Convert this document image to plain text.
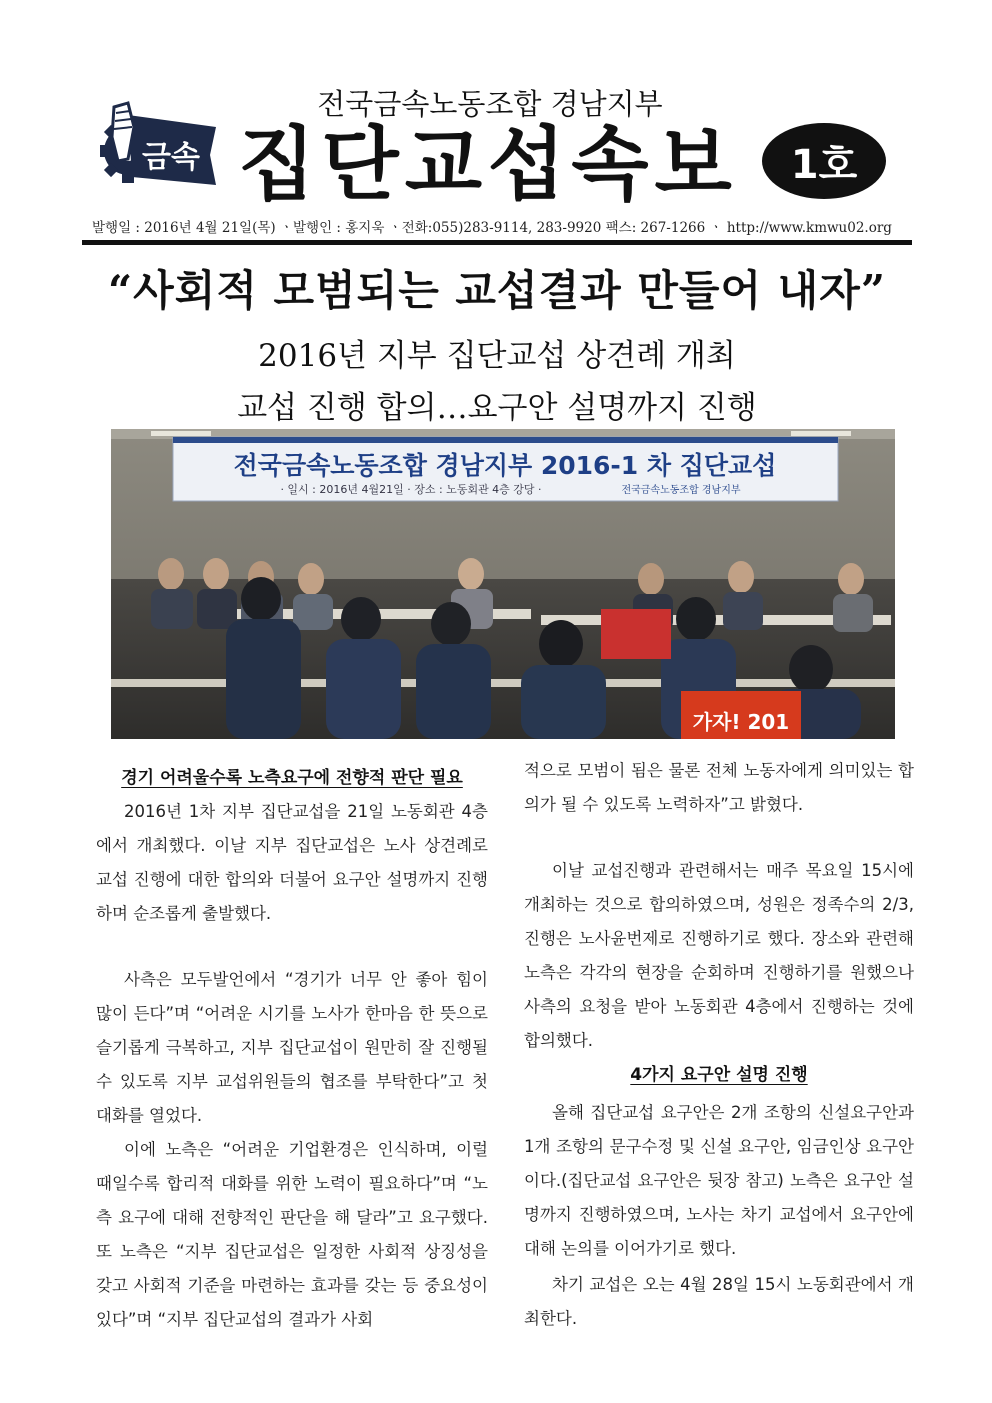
금속
전국금속노동조합 경남지부
집단교섭속보	1호
발행일 : 2016년 4월 21일(목) ㆍ발행인 : 홍지욱 ㆍ전화:055)283-9114, 283-9920 팩스: 267-1266 ㆍ http://www.kmwu02.org
“사회적 모범되는 교섭결과 만들어 내자”
2016년 지부 집단교섭 상견례 개최
교섭 진행 합의…요구안 설명까지 진행
전국금속노동조합 경남지부 2016-1 차 집단교섭
· 일시 : 2016년 4월21일 · 장소 : 노동회관 4층 강당 ·	전국금속노동조합 경남지부
가자! 201
경기 어려울수록 노측요구에 전향적 판단 필요

2016년 1차 지부 집단교섭을 21일 노동회관 4층에서 개최했다. 이날 지부 집단교섭은 노사 상견례로 교섭 진행에 대한 합의와 더불어 요구안 설명까지 진행하며 순조롭게 출발했다.

사측은 모두발언에서 “경기가 너무 안 좋아 힘이 많이 든다”며 “어려운 시기를 노사가 한마음 한 뜻으로 슬기롭게 극복하고, 지부 집단교섭이 원만히 잘 진행될 수 있도록 지부 교섭위원들의 협조를 부탁한다”고 첫 대화를 열었다.

이에 노측은 “어려운 기업환경은 인식하며, 이럴 때일수록 합리적 대화를 위한 노력이 필요하다”며 “노측 요구에 대해 전향적인 판단을 해 달라”고 요구했다. 또 노측은 “지부 집단교섭은 일정한 사회적 상징성을 갖고 사회적 기준을 마련하는 효과를 갖는 등 중요성이 있다”며 “지부 집단교섭의 결과가 사회

적으로 모범이 됨은 물론 전체 노동자에게 의미있는 합의가 될 수 있도록 노력하자”고 밝혔다.

이날 교섭진행과 관련해서는 매주 목요일 15시에 개최하는 것으로 합의하였으며, 성원은 정족수의 2/3, 진행은 노사윤번제로 진행하기로 했다. 장소와 관련해 노측은 각각의 현장을 순회하며 진행하기를 원했으나 사측의 요청을 받아 노동회관 4층에서 진행하는 것에 합의했다.

4가지 요구안 설명 진행

올해 집단교섭 요구안은 2개 조항의 신설요구안과 1개 조항의 문구수정 및 신설 요구안, 임금인상 요구안이다.(집단교섭 요구안은 뒷장 참고) 노측은 요구안 설명까지 진행하였으며, 노사는 차기 교섭에서 요구안에 대해 논의를 이어가기로 했다.

차기 교섭은 오는 4월 28일 15시 노동회관에서 개최한다.
